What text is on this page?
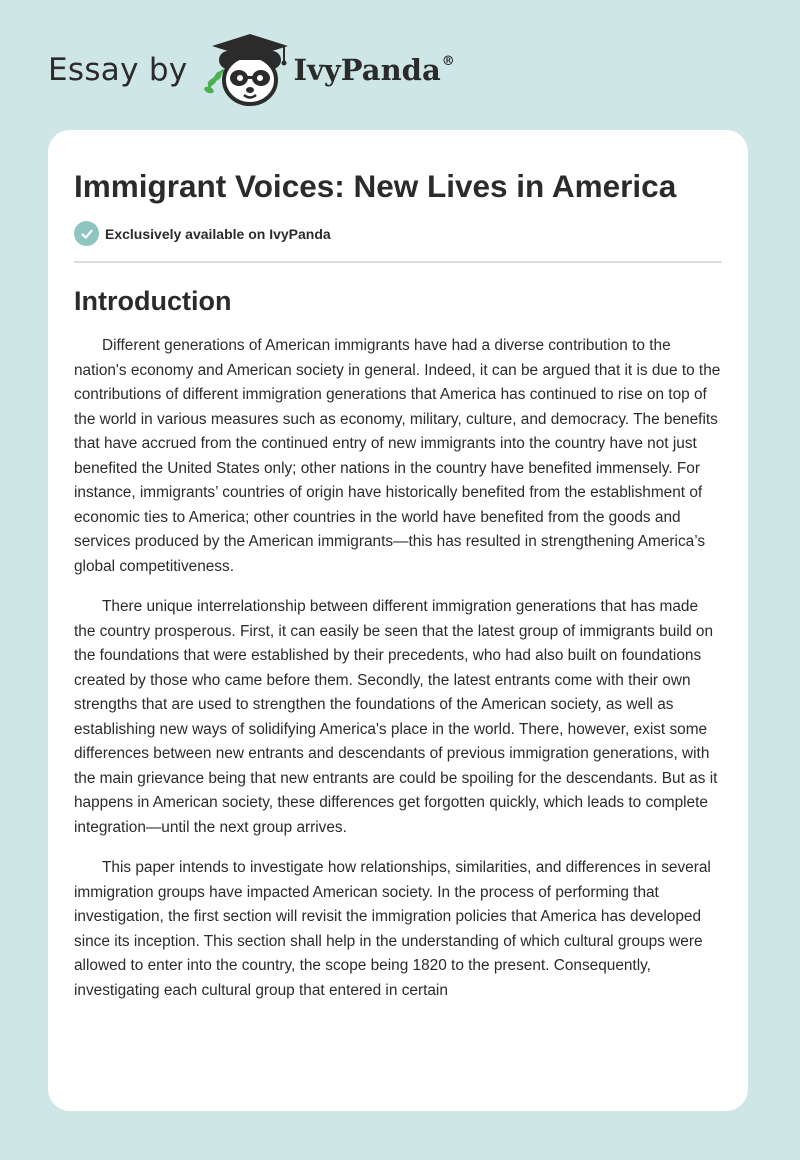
Essay by	IvyPanda®
Immigrant Voices: New Lives in America
Exclusively available on IvyPanda
Introduction

Different generations of American immigrants have had a diverse contribution to the nation's economy and American society in general. Indeed, it can be argued that it is due to the contributions of different immigration generations that America has continued to rise on top of the world in various measures such as economy, military, culture, and democracy. The benefits that have accrued from the continued entry of new immigrants into the country have not just benefited the United States only; other nations in the country have benefited immensely. For instance, immigrants’ countries of origin have historically benefited from the establishment of economic ties to America; other countries in the world have benefited from the goods and services produced by the American immigrants—this has resulted in strengthening America’s global competitiveness.

There unique interrelationship between different immigration generations that has made the country prosperous. First, it can easily be seen that the latest group of immigrants build on the foundations that were established by their precedents, who had also built on foundations created by those who came before them. Secondly, the latest entrants come with their own strengths that are used to strengthen the foundations of the American society, as well as establishing new ways of solidifying America's place in the world. There, however, exist some differences between new entrants and descendants of previous immigration generations, with the main grievance being that new entrants are could be spoiling for the descendants. But as it happens in American society, these differences get forgotten quickly, which leads to complete integration—until the next group arrives.

This paper intends to investigate how relationships, similarities, and differences in several immigration groups have impacted American society. In the process of performing that investigation, the first section will revisit the immigration policies that America has developed since its inception. This section shall help in the understanding of which cultural groups were allowed to enter into the country, the scope being 1820 to the present. Consequently, investigating each cultural group that entered in certain
